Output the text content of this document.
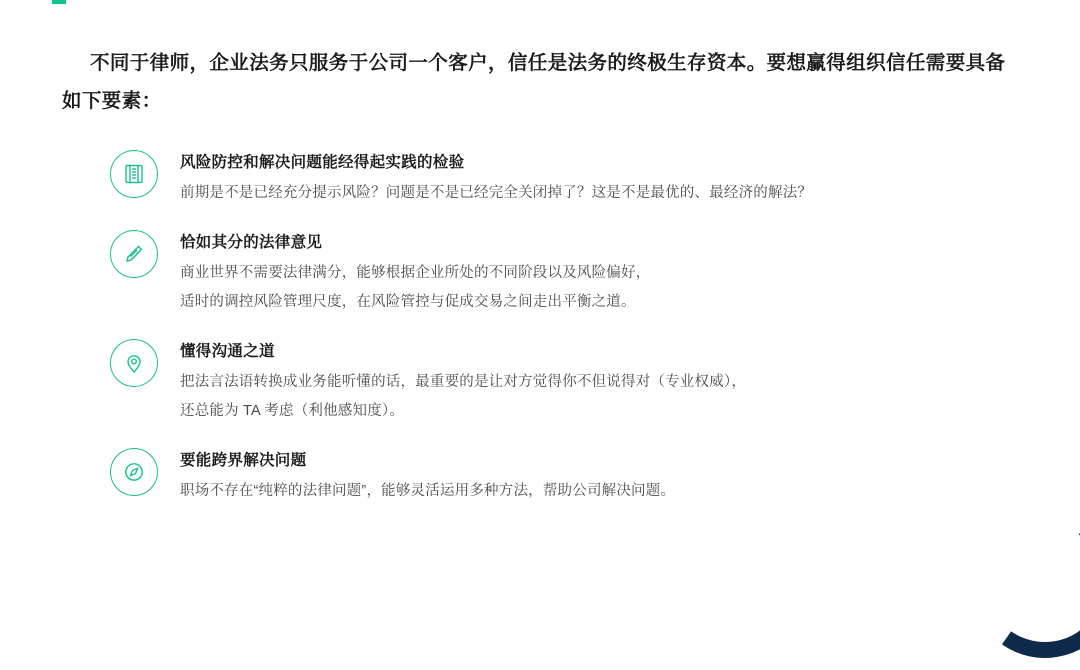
不同于律师，企业法务只服务于公司一个客户，信任是法务的终极生存资本。要想赢得组织信任需要具备如下要素：
风险防控和解决问题能经得起实践的检验
前期是不是已经充分提示风险？问题是不是已经完全关闭掉了？这是不是最优的、最经济的解法？
恰如其分的法律意见
商业世界不需要法律满分，能够根据企业所处的不同阶段以及风险偏好，
适时的调控风险管理尺度，在风险管控与促成交易之间走出平衡之道。
懂得沟通之道
把法言法语转换成业务能听懂的话，最重要的是让对方觉得你不但说得对（专业权威），
还总能为 TA 考虑（利他感知度）。
要能跨界解决问题
职场不存在“纯粹的法律问题”，能够灵活运用多种方法，帮助公司解决问题。
